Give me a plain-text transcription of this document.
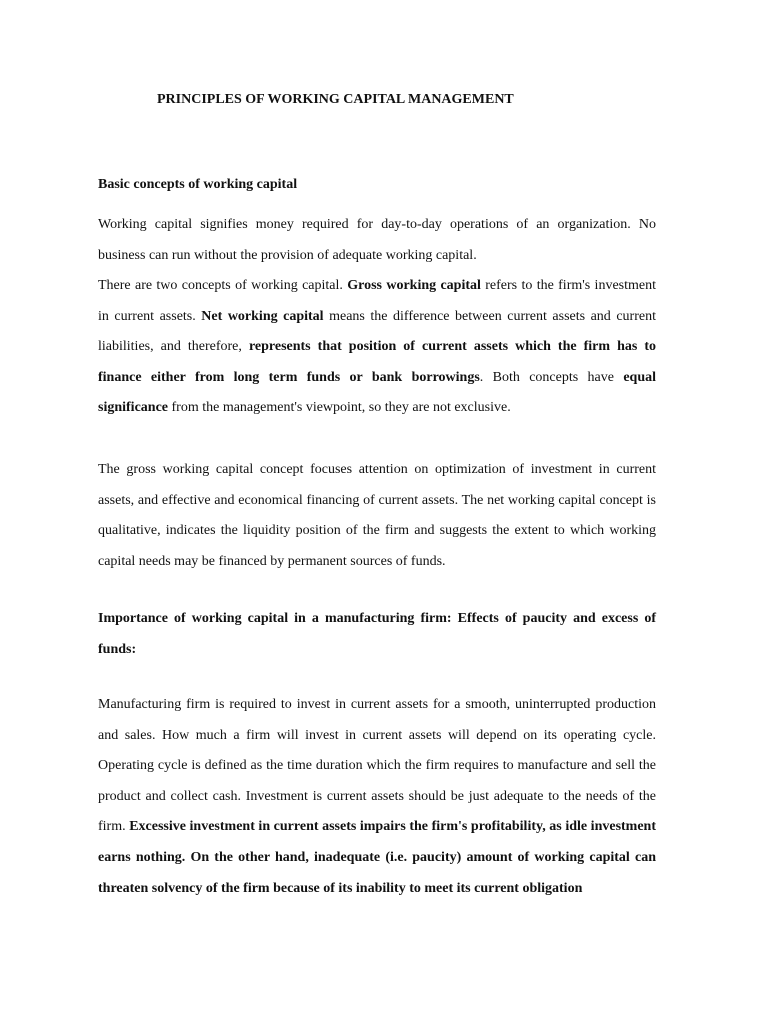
PRINCIPLES OF WORKING CAPITAL MANAGEMENT
Basic concepts of working capital

Working capital signifies money required for day-to-day operations of an organization. No business can run without the provision of adequate working capital.

There are two concepts of working capital. Gross working capital refers to the firm's investment in current assets. Net working capital means the difference between current assets and current liabilities, and therefore, represents that position of current assets which the firm has to finance either from long term funds or bank borrowings. Both concepts have equal significance from the management's viewpoint, so they are not exclusive.

The gross working capital concept focuses attention on optimization of investment in current assets, and effective and economical financing of current assets. The net working capital concept is qualitative, indicates the liquidity position of the firm and suggests the extent to which working capital needs may be financed by permanent sources of funds.

Importance of working capital in a manufacturing firm: Effects of paucity and excess of funds:

Manufacturing firm is required to invest in current assets for a smooth, uninterrupted production and sales. How much a firm will invest in current assets will depend on its operating cycle. Operating cycle is defined as the time duration which the firm requires to manufacture and sell the product and collect cash. Investment is current assets should be just adequate to the needs of the firm. Excessive investment in current assets impairs the firm's profitability, as idle investment earns nothing. On the other hand, inadequate (i.e. paucity) amount of working capital can threaten solvency of the firm because of its inability to meet its current obligation
